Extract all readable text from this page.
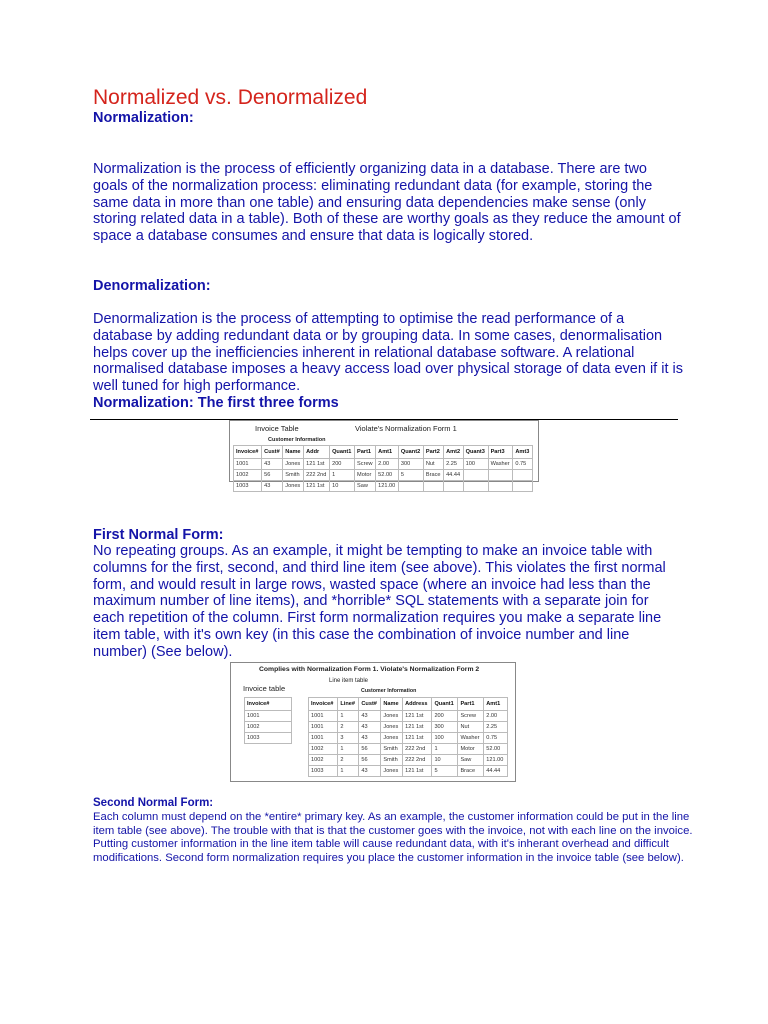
Normalized vs. Denormalized
Normalization:
Normalization is the process of efficiently organizing data in a database. There are two goals of the normalization process: eliminating redundant data (for example, storing the same data in more than one table) and ensuring data dependencies make sense (only storing related data in a table). Both of these are worthy goals as they reduce the amount of space a database consumes and ensure that data is logically stored.
Denormalization:
Denormalization is the process of attempting to optimise the read performance of a database by adding redundant data or by grouping data. In some cases, denormalisation helps cover up the inefficiencies inherent in relational database software. A relational normalised database imposes a heavy access load over physical storage of data even if it is well tuned for high performance.
Normalization: The first three forms
Invoice Table	Violate's Normalization Form 1
Customer Information
Invoice#	Cust#	Name	Addr	Quant1	Part1	Amt1	Quant2	Part2	Amt2	Quant3	Part3	Amt3
1001	43	Jones	121 1st	200	Screw	2.00	300	Nut	2.25	100	Washer	0.75
1002	56	Smith	222 2nd	1	Motor	52.00	5	Brace	44.44			
1003	43	Jones	121 1st	10	Saw	121.00						
First Normal Form:
No repeating groups. As an example, it might be tempting to make an invoice table with columns for the first, second, and third line item (see above). This violates the first normal form, and would result in large rows, wasted space (where an invoice had less than the maximum number of line items), and *horrible* SQL statements with a separate join for each repetition of the column. First form normalization requires you make a separate line item table, with it's own key (in this case the combination of invoice number and line number) (See below).
Complies with Normalization Form 1. Violate's Normalization Form 2
Invoice table
Line item table
Customer Information
Invoice#
1001
1002
1003
Invoice#	Line#	Cust#	Name	Address	Quant1	Part1	Amt1
1001	1	43	Jones	121 1st	200	Screw	2.00
1001	2	43	Jones	121 1st	300	Nut	2.25
1001	3	43	Jones	121 1st	100	Washer	0.75
1002	1	56	Smith	222 2nd	1	Motor	52.00
1002	2	56	Smith	222 2nd	10	Saw	121.00
1003	1	43	Jones	121 1st	5	Brace	44.44
Second Normal Form:
Each column must depend on the *entire* primary key. As an example, the customer information could be put in the line item table (see above). The trouble with that is that the customer goes with the invoice, not with each line on the invoice. Putting customer information in the line item table will cause redundant data, with it's inherant overhead and difficult modifications. Second form normalization requires you place the customer information in the invoice table (see below).
